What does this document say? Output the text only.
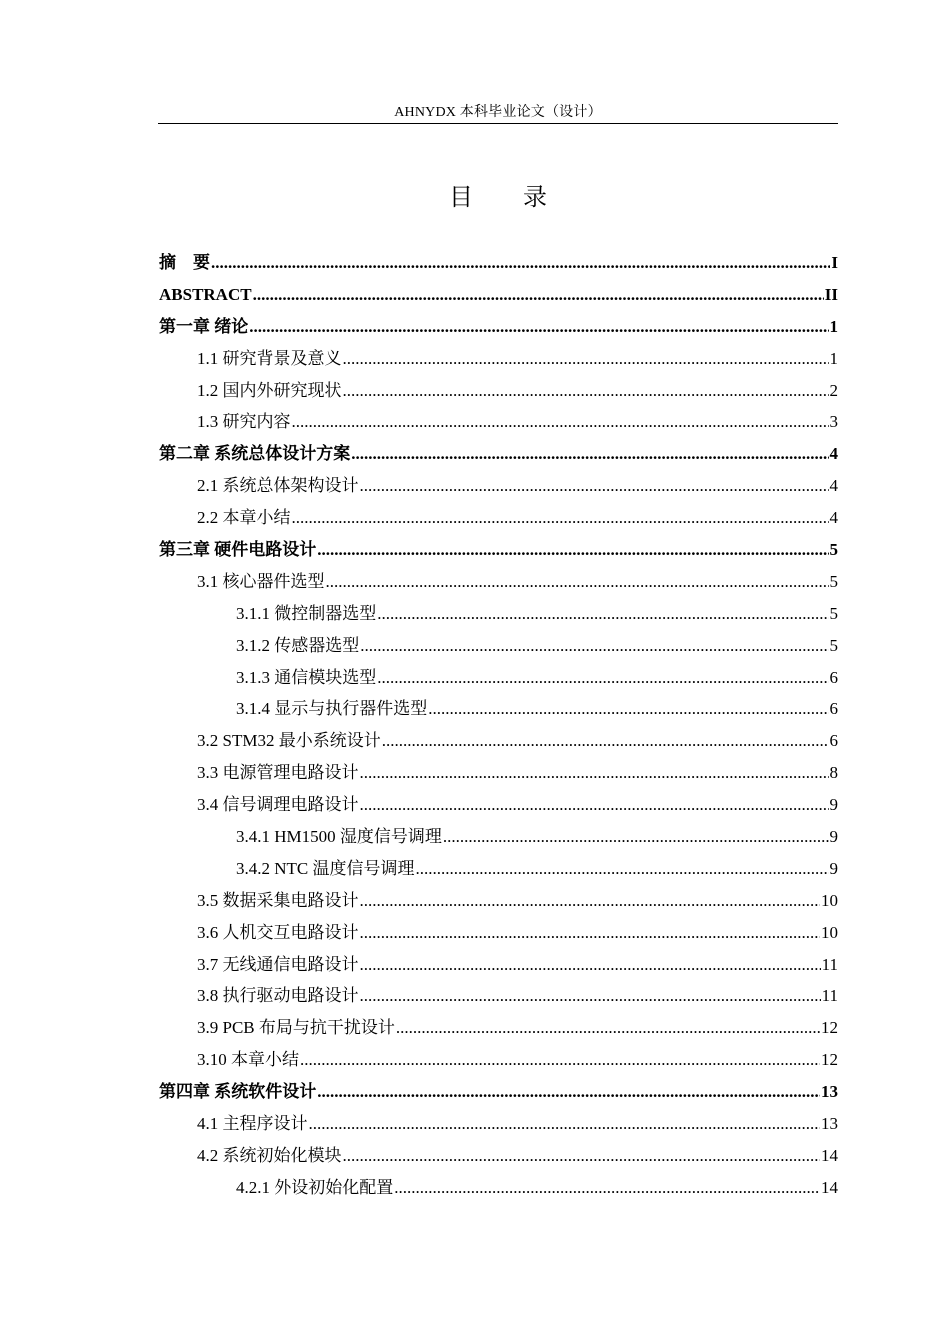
AHNYDX 本科毕业论文（设计）
目 录
摘　要 .....	I
ABSTRACT .....	II
第一章 绪论 .....	1
1.1 研究背景及意义 .....	1
1.2 国内外研究现状 .....	2
1.3 研究内容 .....	3
第二章 系统总体设计方案 .....	4
2.1 系统总体架构设计 .....	4
2.2 本章小结 .....	4
第三章 硬件电路设计 .....	5
3.1 核心器件选型 .....	5
3.1.1 微控制器选型 .....	5
3.1.2 传感器选型 .....	5
3.1.3 通信模块选型 .....	6
3.1.4 显示与执行器件选型 .....	6
3.2 STM32 最小系统设计 .....	6
3.3 电源管理电路设计 .....	8
3.4 信号调理电路设计 .....	9
3.4.1 HM1500 湿度信号调理 .....	9
3.4.2 NTC 温度信号调理 .....	9
3.5 数据采集电路设计 .....	10
3.6 人机交互电路设计 .....	10
3.7 无线通信电路设计 .....	11
3.8 执行驱动电路设计 .....	11
3.9 PCB 布局与抗干扰设计 .....	12
3.10 本章小结 .....	12
第四章 系统软件设计 .....	13
4.1 主程序设计 .....	13
4.2 系统初始化模块 .....	14
4.2.1 外设初始化配置 .....	14
